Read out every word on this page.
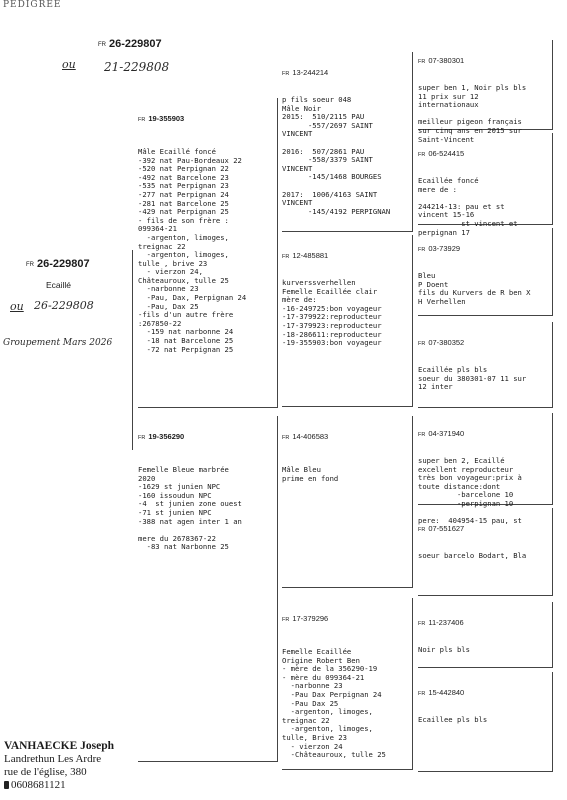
PEDIGREE
FR 26-229807
ou 21-229808
FR 26-229807
Ecaillé
ou 26-229808
Groupement Mars 2026

FR 19-355903

Mâle Ecaillé foncé
-392 nat Pau-Bordeaux 22
-520 nat Perpignan 22
-492 nat Barcelone 23
-535 nat Perpignan 23
-277 nat Perpignan 24
-281 nat Barcelone 25
-429 nat Perpignan 25
- fils de son frère :
099364-21
-argenton, limoges,
treignac 22
-argenton, limoges,
tulle , brive 23
- vierzon 24,
Châteauroux, tulle 25
-narbonne 23
-Pau, Dax, Perpignan 24
-Pau, Dax 25
-fils d'un autre frère
:267850-22
-159 nat narbonne 24
-18 nat Barcelone 25
-72 nat Perpignan 25

FR 19-356290

Femelle Bleue marbrée
2020
-1629 st junien NPC
-160 issoudun NPC
-4  st junien zone ouest
-71 st junien NPC
-388 nat agen inter 1 an

mere du 2678367-22
-83 nat Narbonne 25

FR 13-244214

p fils soeur 048
Mâle Noir
2015:  510/2115 PAU
-557/2697 SAINT
VINCENT

2016:  507/2861 PAU
-558/3379 SAINT
VINCENT
-145/1468 BOURGES

2017:  1006/4163 SAINT
VINCENT
-145/4192 PERPIGNAN

FR 12-485881

kurverssverhellen
Femelle Ecaillée clair
mère de:
-16-249725:bon voyageur
-17-379922:reproducteur
-17-379923:reproducteur
-18-286611:reproducteur
-19-355903:bon voyageur

FR 14-406583

Mâle Bleu
prime en fond

FR 17-379296

Femelle Ecaillée
Origine Robert Ben
- mère de la 356290-19
- mère du 099364-21
-narbonne 23
-Pau Dax Perpignan 24
-Pau Dax 25
-argenton, limoges,
treignac 22
-argenton, limoges,
tulle, Brive 23
- vierzon 24
-Châteauroux, tulle 25

FR 07-380301

super ben 1, Noir pls bls
11 prix sur 12
internationaux

meilleur pigeon français
sur cinq ans en 2015 sur
Saint-Vincent

FR 06-524415

Ecaillée foncé
mere de :

244214-13: pau et st
vincent 15-16
st vincent et
perpignan 17

FR 03-73929

Bleu
P Doent
fils du Kurvers de R ben X
H Verhellen

FR 07-380352

Ecaillée pls bls
soeur du 380301-07 11 sur
12 inter

FR 04-371940

super ben 2, Ecaillé
excellent reproducteur
très bon voyageur:prix à
toute distance:dont
-barcelone 10
-perpignan 10

pere:  404954-15 pau, st

FR 07-551627

soeur barcelo Bodart, Bla

FR 11-237406

Noir pls bls

FR 15-442840

Ecaillee pls bls

VANHAECKE Joseph
Landrethun Les Ardre
rue de l'église, 380
0608681121
